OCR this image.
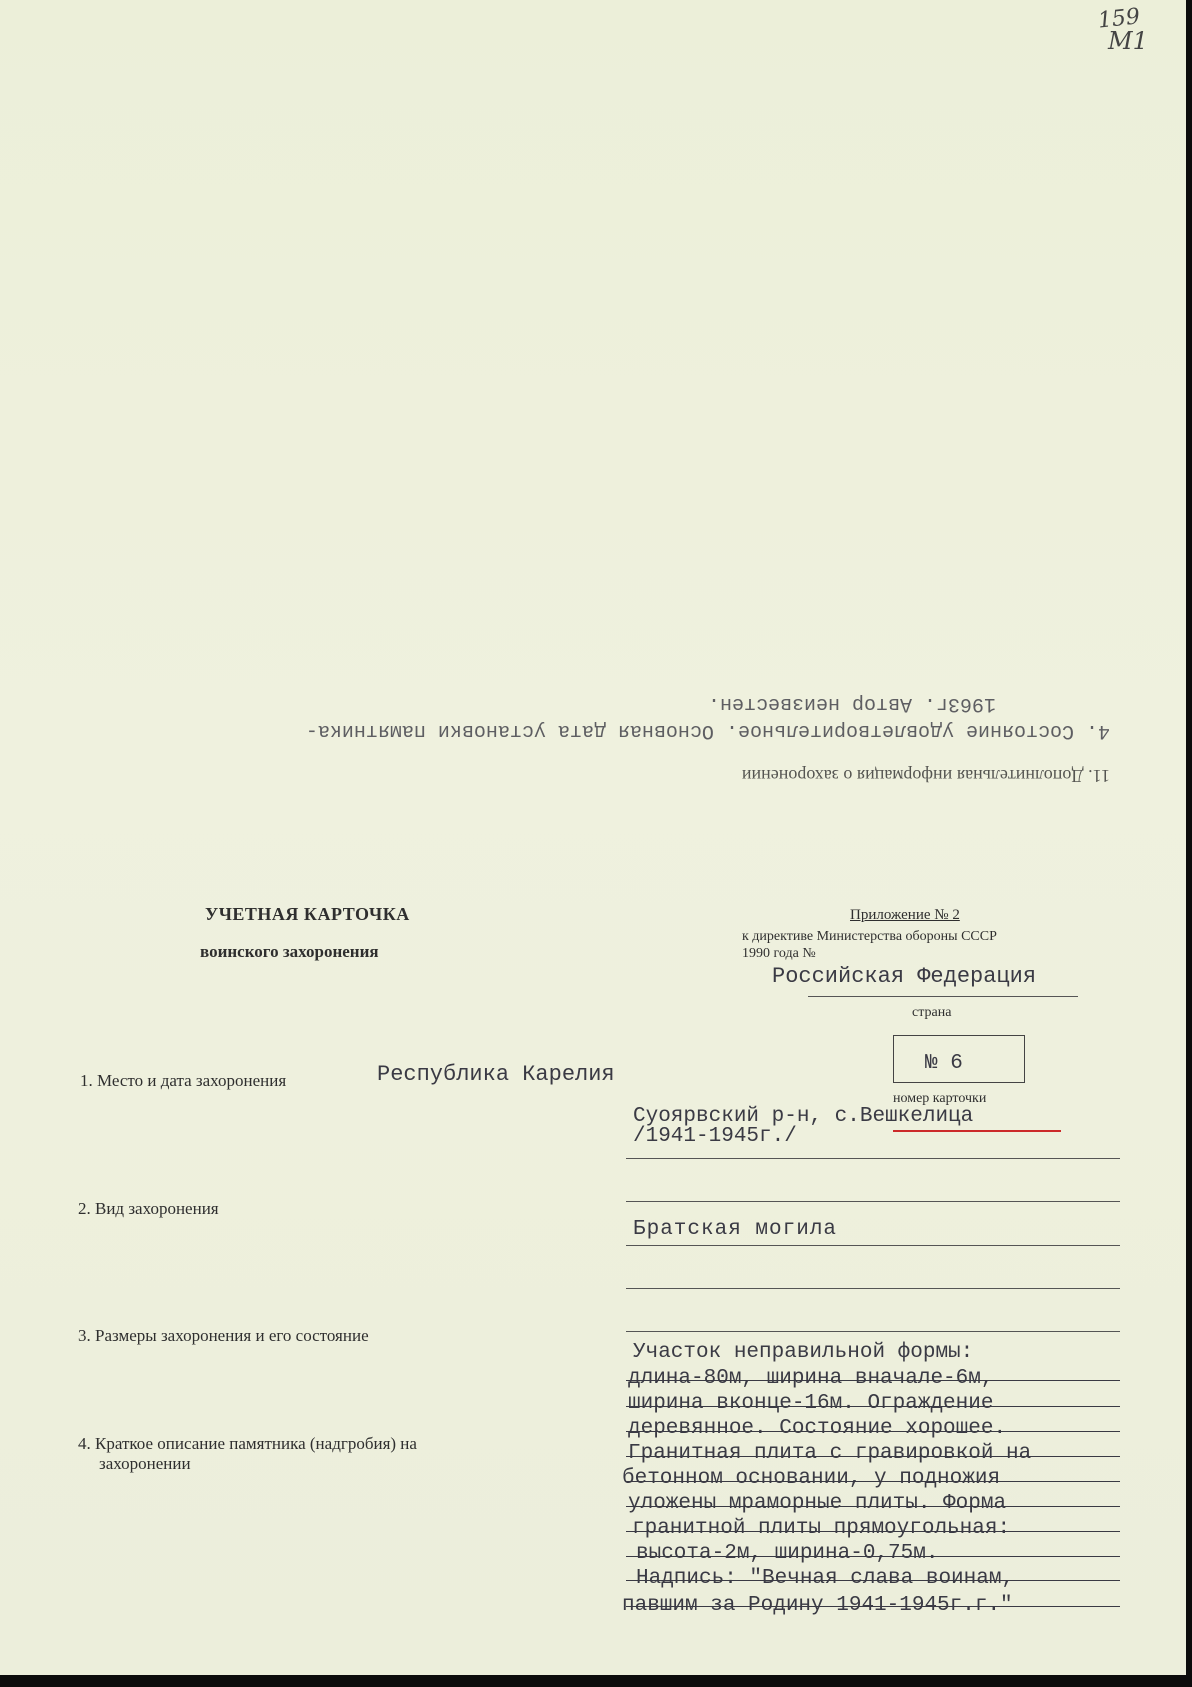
159
М1
4. Состояние удовлетворительное. Основная дата установки памятника-
11. Дополнительная информация о захоронении
1963г. Автор неизвестен.
УЧЕТНАЯ КАРТОЧКА
воинского захоронения
Приложение № 2
к директиве Министерства обороны СССР
1990 года №
Российская Федерация
страна
№ 6
номер карточки
1. Место и дата захоронения	Республика Карелия
Суоярвский р-н, с.Вешкелица
/1941-1945г./
2. Вид захоронения
Братская могила
3. Размеры захоронения и его состояние
4. Краткое описание памятника (надгробия) на
захоронении
Участок неправильной формы:
длина-80м, ширина вначале-6м,
ширина вконце-16м. Ограждение
деревянное. Состояние хорошее.
Гранитная плита с гравировкой на
бетонном основании, у подножия
уложены мраморные плиты. Форма
гранитной плиты прямоугольная:
высота-2м, ширина-0,75м.
Надпись: "Вечная слава воинам,
павшим за Родину 1941-1945г.г."
